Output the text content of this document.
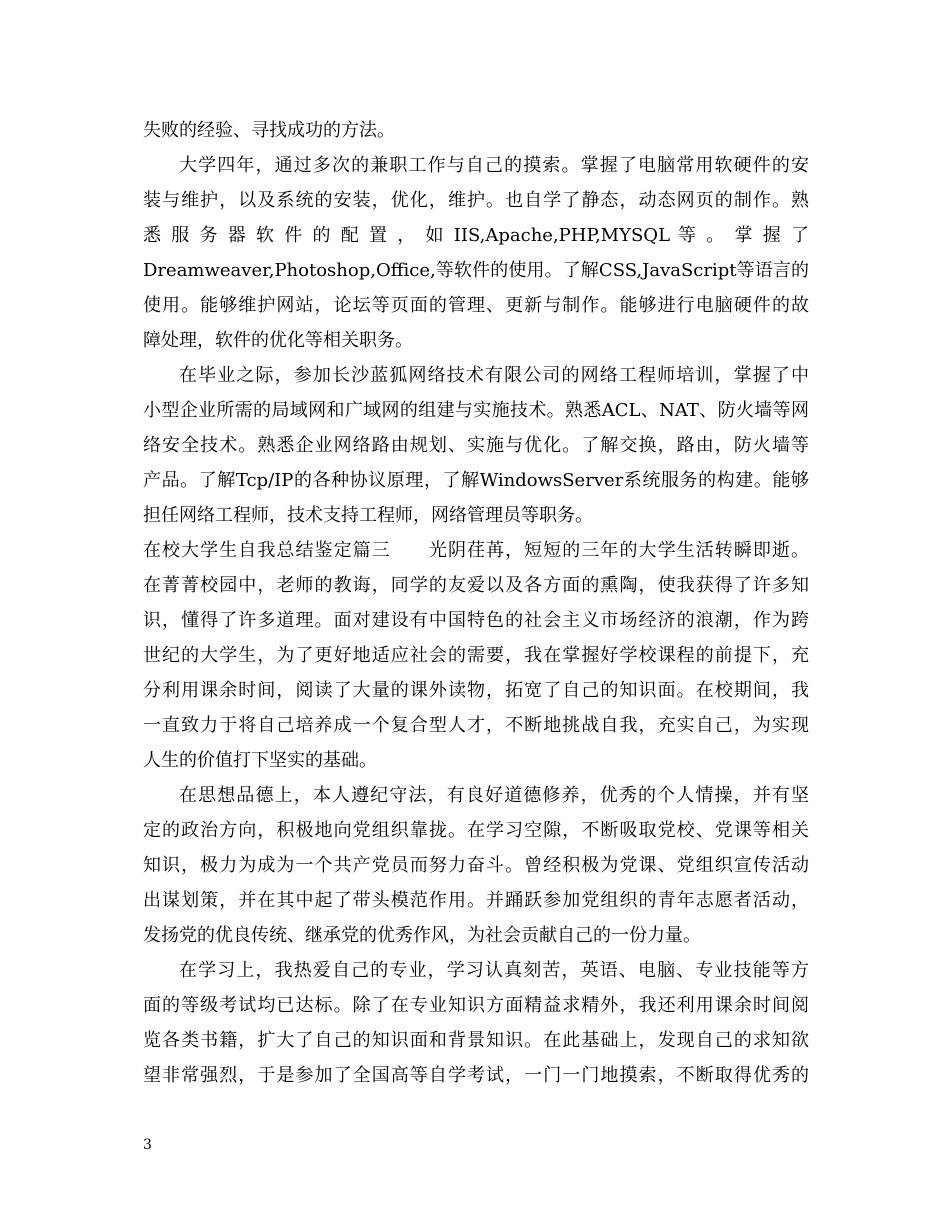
失败的经验、寻找成功的方法。
大学四年，通过多次的兼职工作与自己的摸索。掌握了电脑常用软硬件的安
装与维护，以及系统的安装，优化，维护。也自学了静态，动态网页的制作。熟
悉 服 务 器 软 件 的 配 置 ， 如 IIS,Apache,PHP,MYSQL 等 。 掌 握 了
Dreamweaver,Photoshop,Office,等软件的使用。了解CSS,JavaScript等语言的
使用。能够维护网站，论坛等页面的管理、更新与制作。能够进行电脑硬件的故
障处理，软件的优化等相关职务。
在毕业之际，参加长沙蓝狐网络技术有限公司的网络工程师培训，掌握了中
小型企业所需的局域网和广域网的组建与实施技术。熟悉ACL、NAT、防火墙等网
络安全技术。熟悉企业网络路由规划、实施与优化。了解交换，路由，防火墙等
产品。了解Tcp/IP的各种协议原理，了解WindowsServer系统服务的构建。能够
担任网络工程师，技术支持工程师，网络管理员等职务。
在校大学生自我总结鉴定篇三　　光阴荏苒，短短的三年的大学生活转瞬即逝。
在菁菁校园中，老师的教诲，同学的友爱以及各方面的熏陶，使我获得了许多知
识，懂得了许多道理。面对建设有中国特色的社会主义市场经济的浪潮，作为跨
世纪的大学生，为了更好地适应社会的需要，我在掌握好学校课程的前提下，充
分利用课余时间，阅读了大量的课外读物，拓宽了自己的知识面。在校期间，我
一直致力于将自己培养成一个复合型人才，不断地挑战自我，充实自己，为实现
人生的价值打下坚实的基础。
在思想品德上，本人遵纪守法，有良好道德修养，优秀的个人情操，并有坚
定的政治方向，积极地向党组织靠拢。在学习空隙，不断吸取党校、党课等相关
知识，极力为成为一个共产党员而努力奋斗。曾经积极为党课、党组织宣传活动
出谋划策，并在其中起了带头模范作用。并踊跃参加党组织的青年志愿者活动，
发扬党的优良传统、继承党的优秀作风，为社会贡献自己的一份力量。
在学习上，我热爱自己的专业，学习认真刻苦，英语、电脑、专业技能等方
面的等级考试均已达标。除了在专业知识方面精益求精外，我还利用课余时间阅
览各类书籍，扩大了自己的知识面和背景知识。在此基础上，发现自己的求知欲
望非常强烈，于是参加了全国高等自学考试，一门一门地摸索，不断取得优秀的
3
